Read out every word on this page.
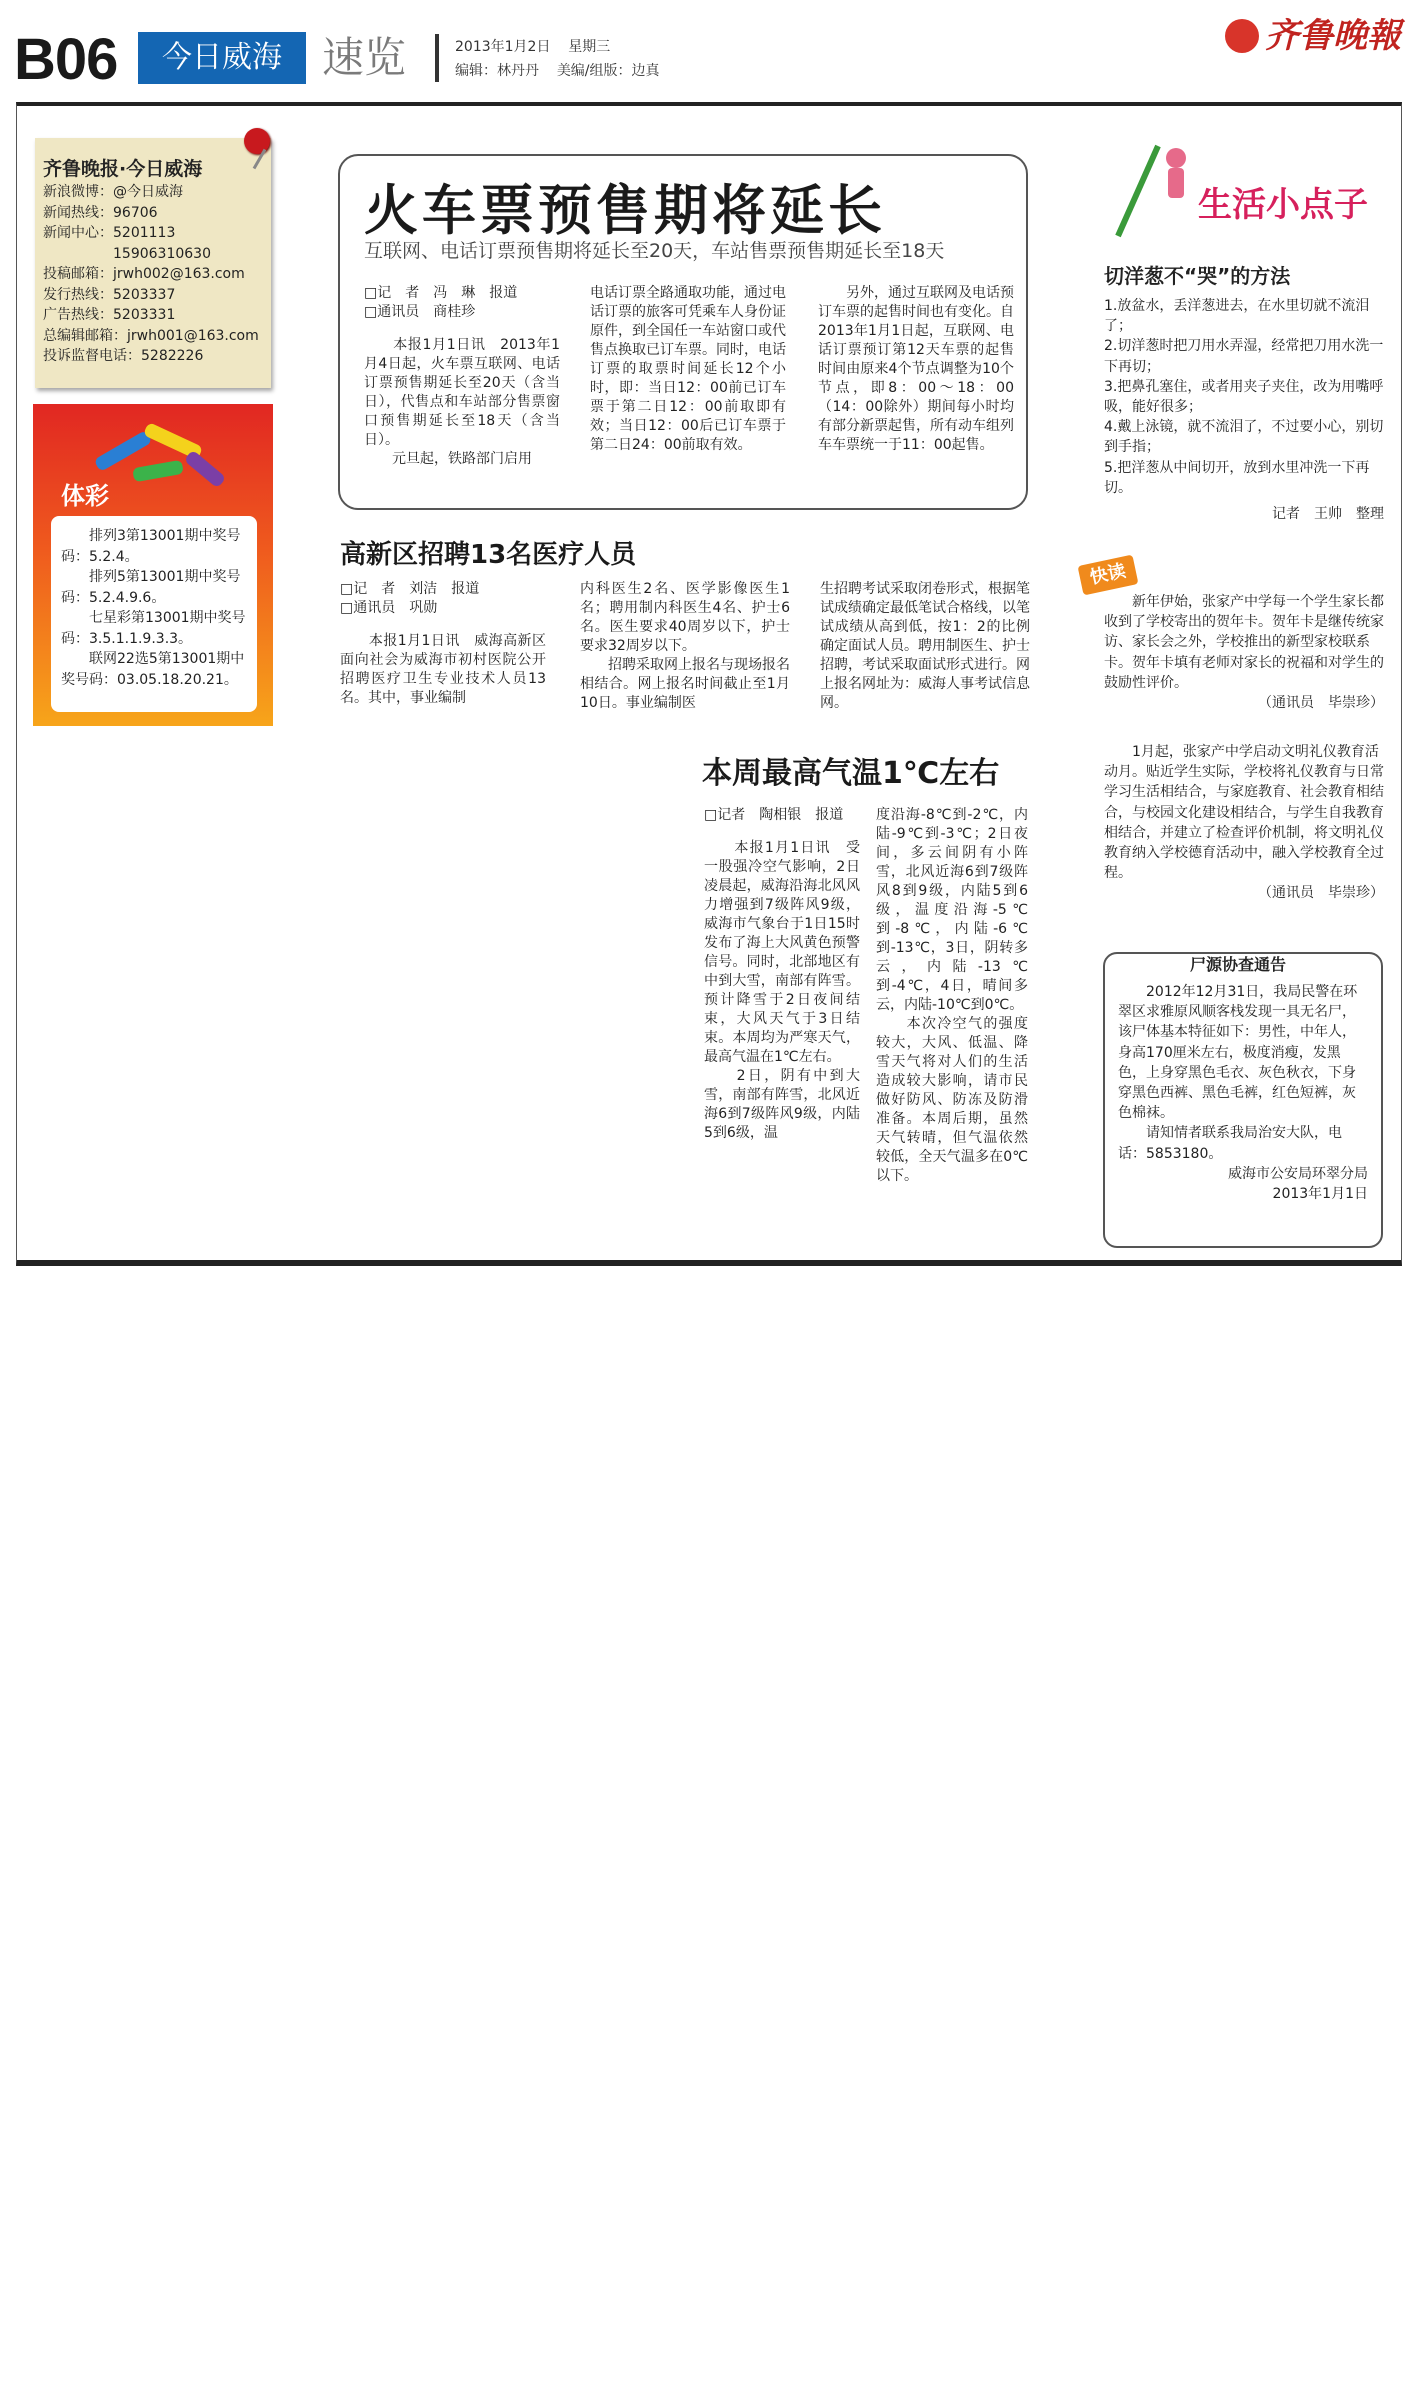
B06	今日威海 速览	2013年1月2日 星期三
编辑：林丹丹 美编/组版：边真
齐鲁晚報
齐鲁晚报·今日威海
新浪微博：@今日威海
新闻热线：96706
新闻中心：5201113
　　　　　15906310630
投稿邮箱：jrwh002@163.com
发行热线：5203337
广告热线：5203331
总编辑邮箱：jrwh001@163.com
投诉监督电话：5282226
体彩
　　排列3第13001期中奖号码：5.2.4。
　　排列5第13001期中奖号码：5.2.4.9.6。
　　七星彩第13001期中奖号码：3.5.1.1.9.3.3。
　　联网22选5第13001期中奖号码：03.05.18.20.21。
火车票预售期将延长
互联网、电话订票预售期将延长至20天，车站售票预售期延长至18天
□记　者　冯　琳　报道
□通讯员　商桂珍
　　本报1月1日讯　2013年1月4日起，火车票互联网、电话订票预售期延长至20天（含当日），代售点和车站部分售票窗口预售期延长至18天（含当日）。
　　元旦起，铁路部门启用
电话订票全路通取功能，通过电话订票的旅客可凭乘车人身份证原件，到全国任一车站窗口或代售点换取已订车票。同时，电话订票的取票时间延长12个小时，即：当日12：00前已订车票于第二日12：00前取即有效；当日12：00后已订车票于第二日24：00前取有效。
　　另外，通过互联网及电话预订车票的起售时间也有变化。自2013年1月1日起，互联网、电话订票预订第12天车票的起售时间由原来4个节点调整为10个节点，即8：00～18：00（14：00除外）期间每小时均有部分新票起售，所有动车组列车车票统一于11：00起售。
高新区招聘13名医疗人员
□记　者　刘洁　报道
□通讯员　巩勋
　　本报1月1日讯　威海高新区面向社会为威海市初村医院公开招聘医疗卫生专业技术人员13名。其中，事业编制
内科医生2名、医学影像医生1名；聘用制内科医生4名、护士6名。医生要求40周岁以下，护士要求32周岁以下。
　　招聘采取网上报名与现场报名相结合。网上报名时间截止至1月10日。事业编制医
生招聘考试采取闭卷形式，根据笔试成绩确定最低笔试合格线，以笔试成绩从高到低，按1：2的比例确定面试人员。聘用制医生、护士招聘，考试采取面试形式进行。网上报名网址为：威海人事考试信息网。
本周最高气温1℃左右
□记者　陶相银　报道
　　本报1月1日讯　受一股强冷空气影响，2日凌晨起，威海沿海北风风力增强到7级阵风9级，威海市气象台于1日15时发布了海上大风黄色预警信号。同时，北部地区有中到大雪，南部有阵雪。预计降雪于2日夜间结束，大风天气于3日结束。本周均为严寒天气，最高气温在1℃左右。
　　2日，阴有中到大雪，南部有阵雪，北风近海6到7级阵风9级，内陆5到6级，温
度沿海-8℃到-2℃，内陆-9℃到-3℃；2日夜间，多云间阴有小阵雪，北风近海6到7级阵风8到9级，内陆5到6级，温度沿海-5℃到-8℃，内陆-6℃到-13℃，3日，阴转多云，内陆-13℃到-4℃，4日，晴间多云，内陆-10℃到0℃。
　　本次冷空气的强度较大，大风、低温、降雪天气将对人们的生活造成较大影响，请市民做好防风、防冻及防滑准备。本周后期，虽然天气转晴，但气温依然较低，全天气温多在0℃以下。
生活小点子
切洋葱不“哭”的方法
1.放盆水，丢洋葱进去，在水里切就不流泪了；
2.切洋葱时把刀用水弄湿，经常把刀用水洗一下再切；
3.把鼻孔塞住，或者用夹子夹住，改为用嘴呼吸，能好很多；
4.戴上泳镜，就不流泪了，不过要小心，别切到手指；
5.把洋葱从中间切开，放到水里冲洗一下再切。
记者　王帅　整理
快读
　　新年伊始，张家产中学每一个学生家长都收到了学校寄出的贺年卡。贺年卡是继传统家访、家长会之外，学校推出的新型家校联系卡。贺年卡填有老师对家长的祝福和对学生的鼓励性评价。
（通讯员　毕崇珍）
　　1月起，张家产中学启动文明礼仪教育活动月。贴近学生实际，学校将礼仪教育与日常学习生活相结合，与家庭教育、社会教育相结合，与校园文化建设相结合，与学生自我教育相结合，并建立了检查评价机制，将文明礼仪教育纳入学校德育活动中，融入学校教育全过程。
（通讯员　毕崇珍）
尸源协查通告
　　2012年12月31日，我局民警在环翠区求雅原风顺客栈发现一具无名尸，该尸体基本特征如下：男性，中年人，身高170厘米左右，极度消瘦，发黑色，上身穿黑色毛衣、灰色秋衣，下身穿黑色西裤、黑色毛裤，红色短裤，灰色棉袜。
　　请知情者联系我局治安大队，电话：5853180。
威海市公安局环翠分局
2013年1月1日
